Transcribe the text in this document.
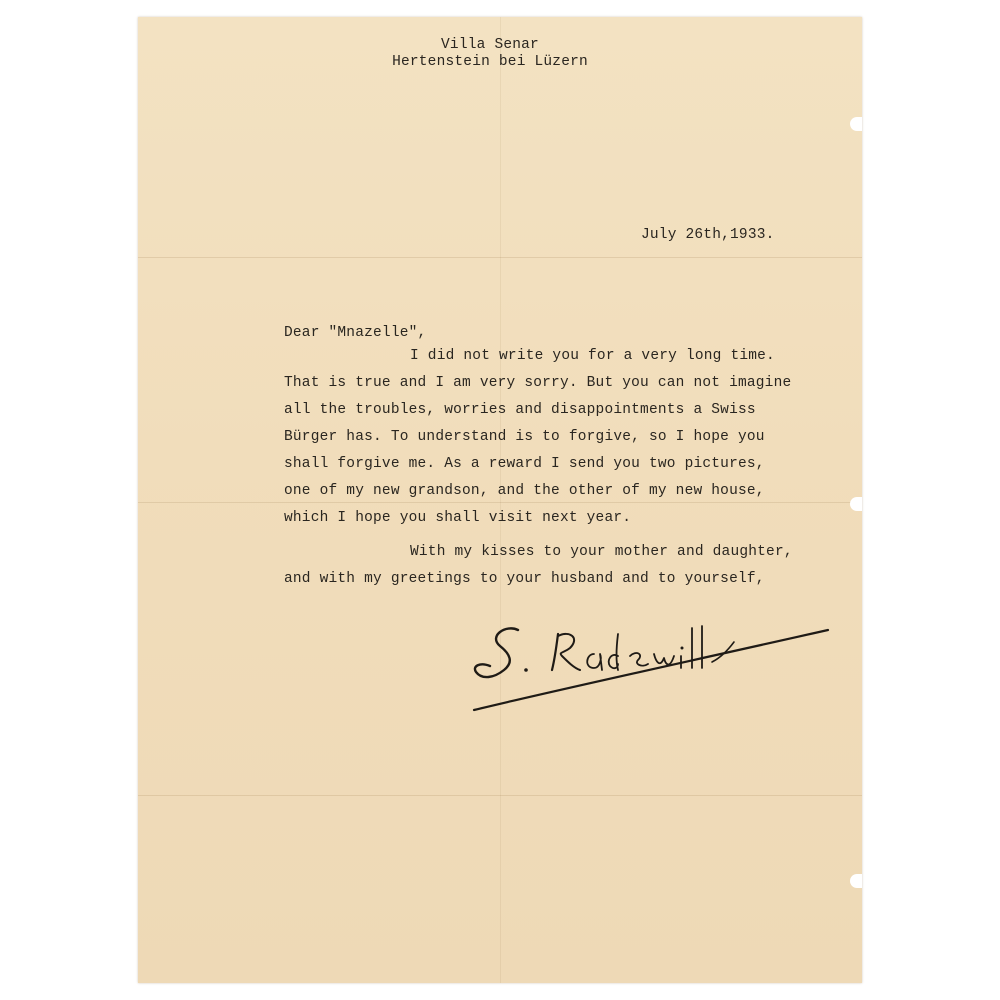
Villa Senar
Hertenstein bei Lüzern
July 26th,1933.
Dear "Mnazelle",
I did not write you for a very long time.
That is true and I am very sorry. But you can not imagine
all the troubles, worries and disappointments a Swiss
Bürger has. To understand is to forgive, so I hope you
shall forgive me. As a reward I send you two pictures,
one of my new grandson, and the other of my new house,
which I hope you shall visit next year.
With my kisses to your mother and daughter,
and with my greetings to your husband and to yourself,
